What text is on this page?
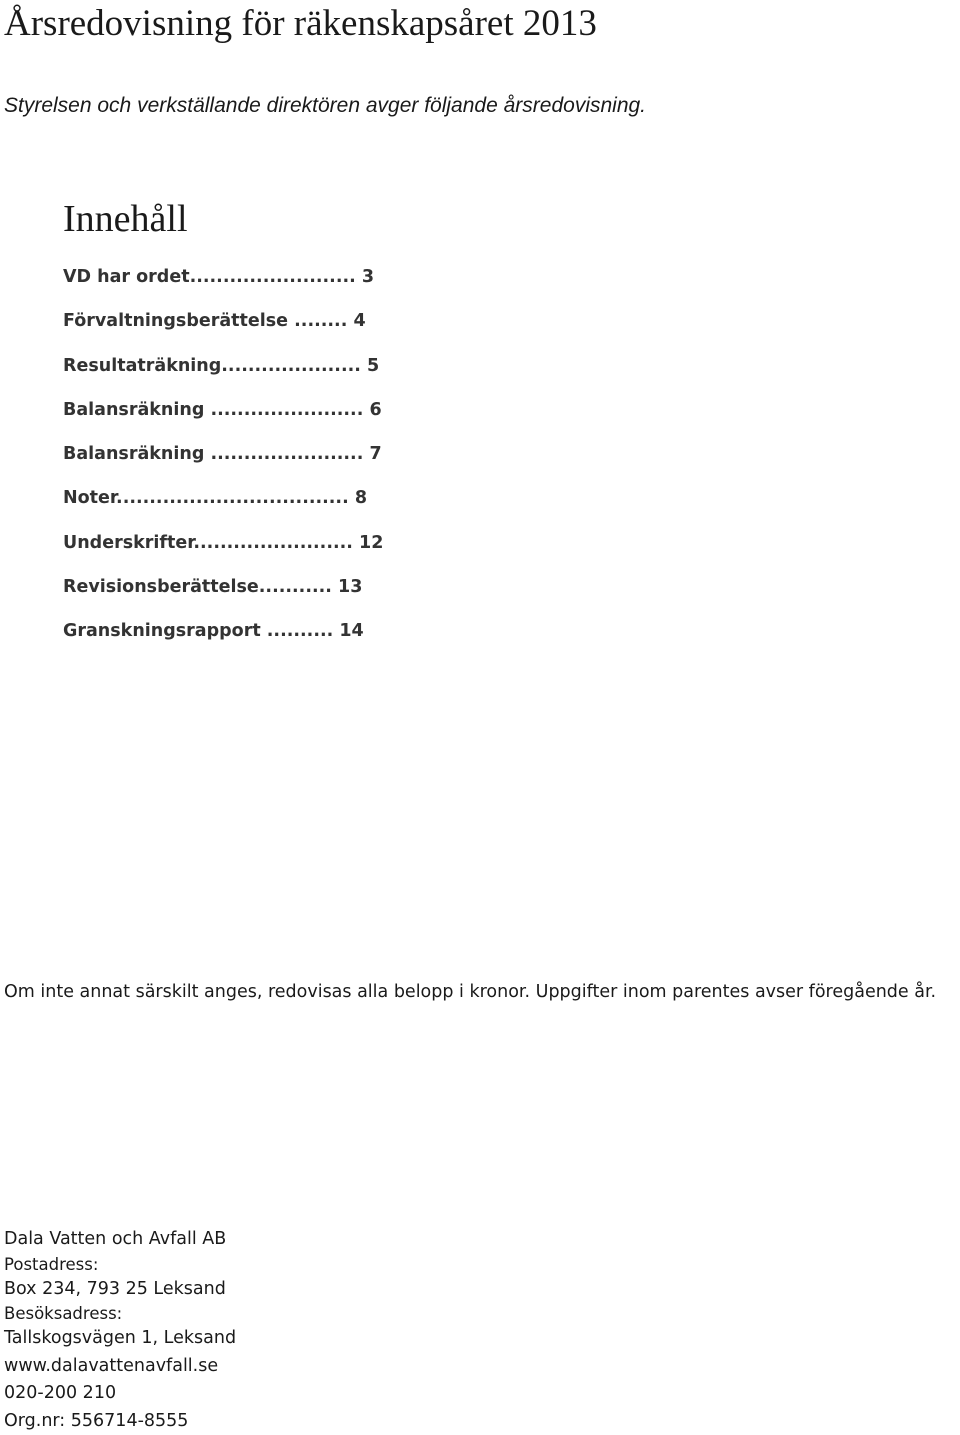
Årsredovisning för räkenskapsåret 2013
Styrelsen och verkställande direktören avger följande årsredovisning.
Innehåll
VD har ordet......................... 3
Förvaltningsberättelse ........ 4
Resultaträkning..................... 5
Balansräkning ....................... 6
Balansräkning ....................... 7
Noter................................... 8
Underskrifter........................ 12
Revisionsberättelse........... 13
Granskningsrapport .......... 14
Om inte annat särskilt anges, redovisas alla belopp i kronor. Uppgifter inom parentes avser föregående år.
Dala Vatten och Avfall AB
Postadress:
Box 234, 793 25 Leksand
Besöksadress:
Tallskogsvägen 1, Leksand
www.dalavattenavfall.se
020-200 210
Org.nr: 556714-8555
